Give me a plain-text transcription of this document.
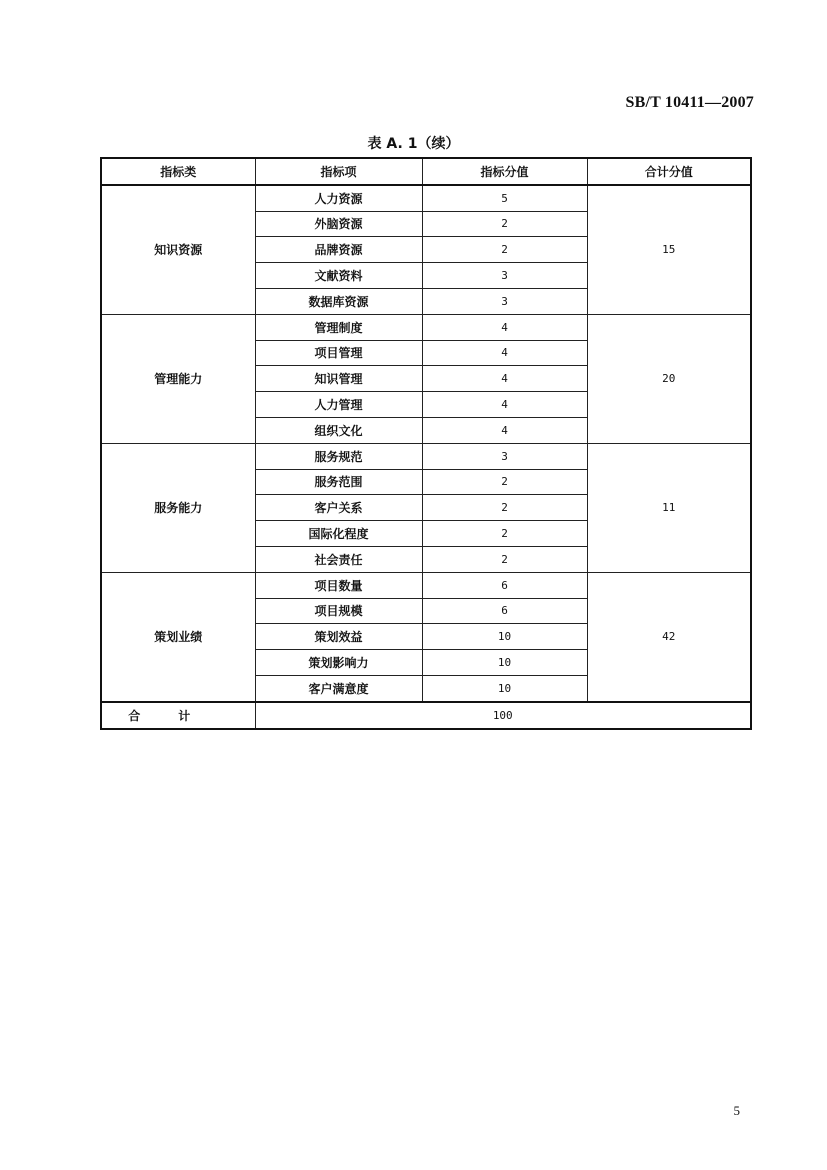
SB/T 10411—2007
表 A. 1（续）
指标类	指标项	指标分值	合计分值
知识资源	人力资源	5	15
	外脑资源	2	
	品牌资源	2	
	文献资料	3	
	数据库资源	3	
管理能力	管理制度	4	20
	项目管理	4	
	知识管理	4	
	人力管理	4	
	组织文化	4	
服务能力	服务规范	3	11
	服务范围	2	
	客户关系	2	
	国际化程度	2	
	社会责任	2	
策划业绩	项目数量	6	42
	项目规模	6	
	策划效益	10	
	策划影响力	10	
	客户满意度	10	
合计	100		
5
